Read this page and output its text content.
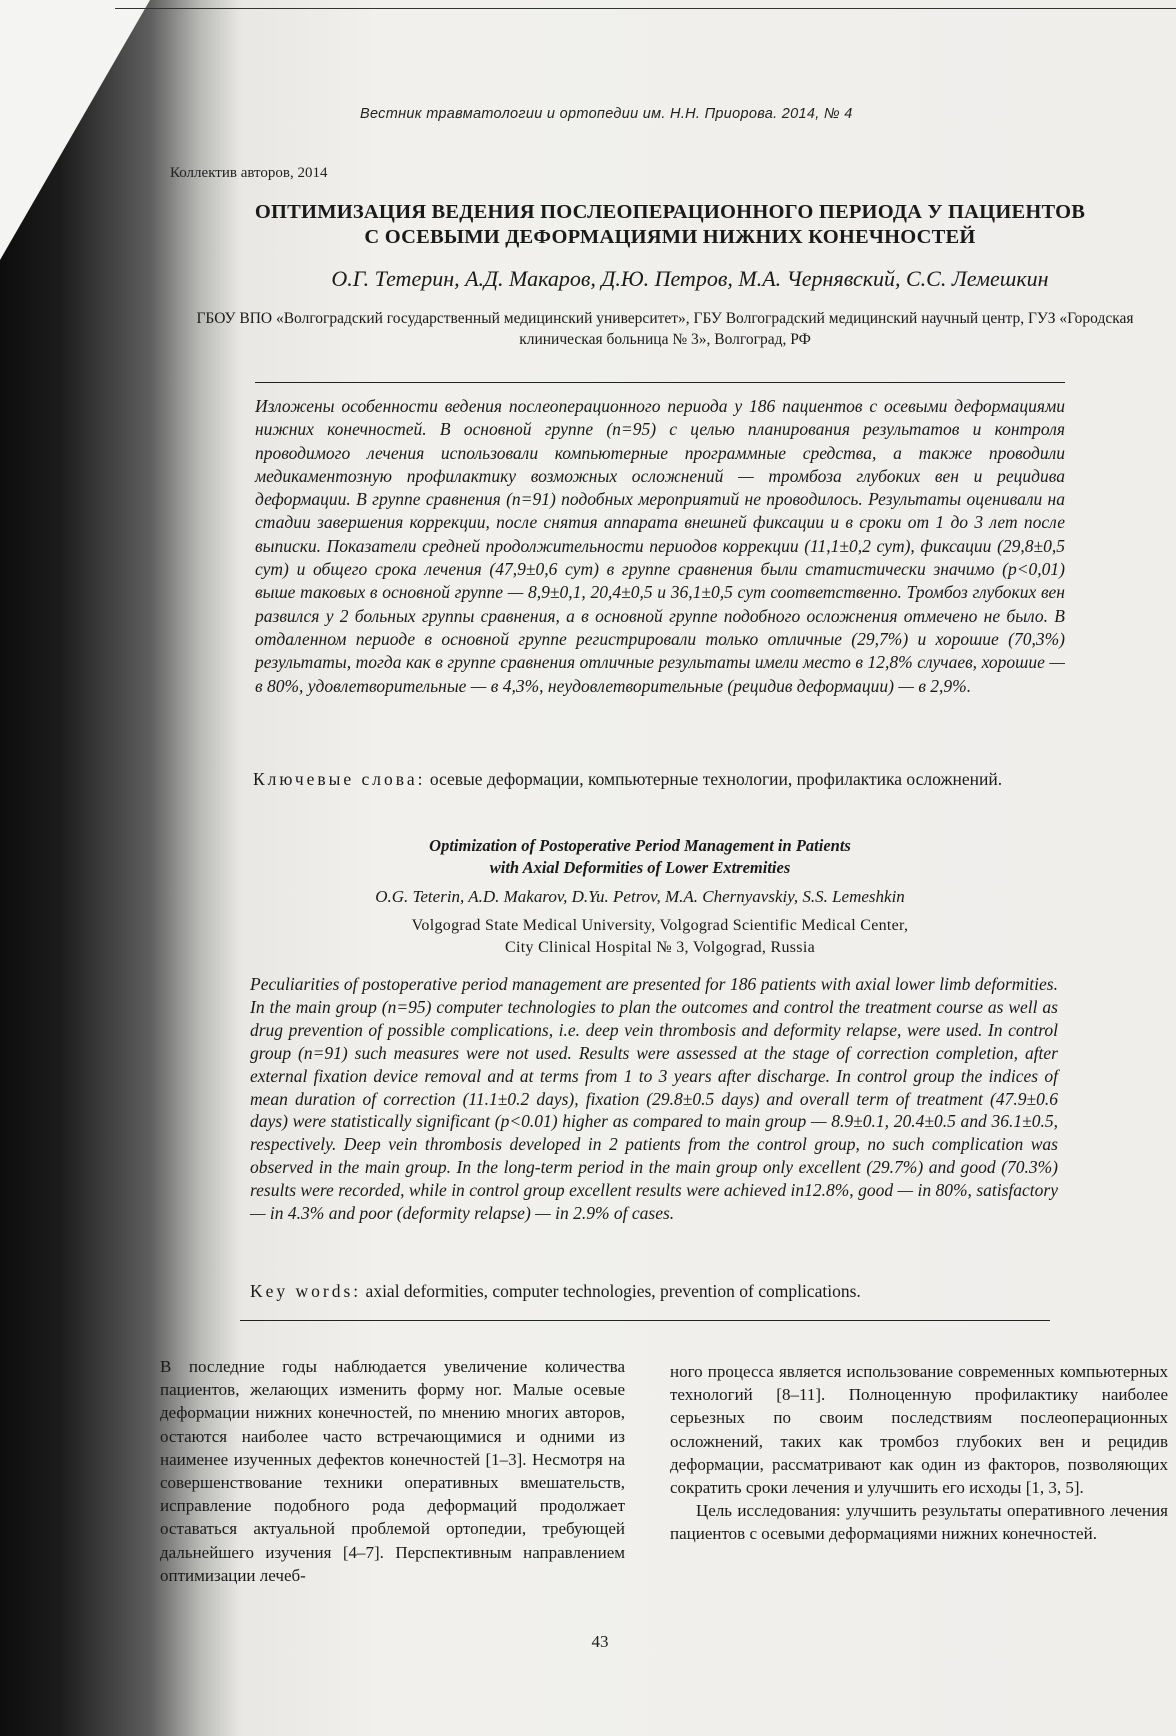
Вестник травматологии и ортопедии им. Н.Н. Приорова. 2014, № 4
Коллектив авторов, 2014
ОПТИМИЗАЦИЯ ВЕДЕНИЯ ПОСЛЕОПЕРАЦИОННОГО ПЕРИОДА У ПАЦИЕНТОВ
С ОСЕВЫМИ ДЕФОРМАЦИЯМИ НИЖНИХ КОНЕЧНОСТЕЙ
О.Г. Тетерин, А.Д. Макаров, Д.Ю. Петров, М.А. Чернявский, С.С. Лемешкин
ГБОУ ВПО «Волгоградский государственный медицинский университет», ГБУ Волгоградский медицинский научный центр, ГУЗ «Городская клиническая больница № 3», Волгоград, РФ

Изложены особенности ведения послеоперационного периода у 186 пациентов с осевыми деформациями нижних конечностей. В основной группе (n=95) с целью планирования результатов и контроля проводимого лечения использовали компьютерные программные средства, а также проводили медикаментозную профилактику возможных осложнений — тромбоза глубоких вен и рецидива деформации. В группе сравнения (n=91) подобных мероприятий не проводилось. Результаты оценивали на стадии завершения коррекции, после снятия аппарата внешней фиксации и в сроки от 1 до 3 лет после выписки. Показатели средней продолжительности периодов коррекции (11,1±0,2 сут), фиксации (29,8±0,5 сут) и общего срока лечения (47,9±0,6 сут) в группе сравнения были статистически значимо (p<0,01) выше таковых в основной группе — 8,9±0,1, 20,4±0,5 и 36,1±0,5 сут соответственно. Тромбоз глубоких вен развился у 2 больных группы сравнения, а в основной группе подобного осложнения отмечено не было. В отдаленном периоде в основной группе регистрировали только отличные (29,7%) и хорошие (70,3%) результаты, тогда как в группе сравнения отличные результаты имели место в 12,8% случаев, хорошие — в 80%, удовлетворительные — в 4,3%, неудовлетворительные (рецидив деформации) — в 2,9%.

Ключевые слова: осевые деформации, компьютерные технологии, профилактика осложнений.

Optimization of Postoperative Period Management in Patients
with Axial Deformities of Lower Extremities
O.G. Teterin, A.D. Makarov, D.Yu. Petrov, M.A. Chernyavskiy, S.S. Lemeshkin
Volgograd State Medical University, Volgograd Scientific Medical Center,
City Clinical Hospital № 3, Volgograd, Russia

Peculiarities of postoperative period management are presented for 186 patients with axial lower limb deformities. In the main group (n=95) computer technologies to plan the outcomes and control the treatment course as well as drug prevention of possible complications, i.e. deep vein thrombosis and deformity relapse, were used. In control group (n=91) such measures were not used. Results were assessed at the stage of correction completion, after external fixation device removal and at terms from 1 to 3 years after discharge. In control group the indices of mean duration of correction (11.1±0.2 days), fixation (29.8±0.5 days) and overall term of treatment (47.9±0.6 days) were statistically significant (p<0.01) higher as compared to main group — 8.9±0.1, 20.4±0.5 and 36.1±0.5, respectively. Deep vein thrombosis developed in 2 patients from the control group, no such complication was observed in the main group. In the long-term period in the main group only excellent (29.7%) and good (70.3%) results were recorded, while in control group excellent results were achieved in12.8%, good — in 80%, satisfactory — in 4.3% and poor (deformity relapse) — in 2.9% of cases.

Key words: axial deformities, computer technologies, prevention of complications.

В последние годы наблюдается увеличение количества пациентов, желающих изменить форму ног. Малые осевые деформации нижних конечностей, по мнению многих авторов, остаются наиболее часто встречающимися и одними из наименее изученных дефектов конечностей [1–3]. Несмотря на совершенствование техники оперативных вмешательств, исправление подобного рода деформаций продолжает оставаться актуальной проблемой ортопедии, требующей дальнейшего изучения [4–7]. Перспективным направлением оптимизации лечеб-

ного процесса является использование современных компьютерных технологий [8–11]. Полноценную профилактику наиболее серьезных по своим последствиям послеоперационных осложнений, таких как тромбоз глубоких вен и рецидив деформации, рассматривают как один из факторов, позволяющих сократить сроки лечения и улучшить его исходы [1, 3, 5].

Цель исследования: улучшить результаты оперативного лечения пациентов с осевыми деформациями нижних конечностей.

43
